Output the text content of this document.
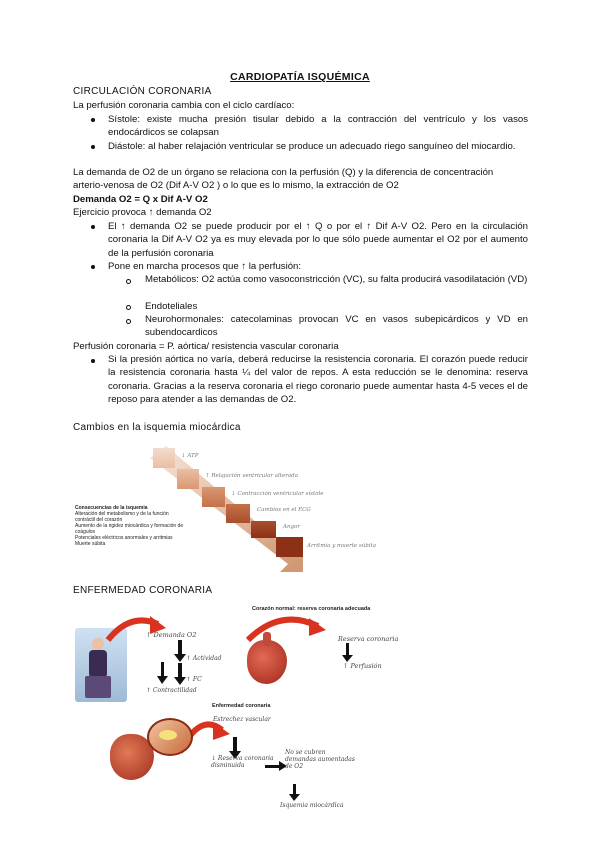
CARDIOPATÍA ISQUÉMICA
CIRCULACIÓN CORONARIA
La perfusión coronaria cambia con el ciclo cardíaco:
Sístole: existe mucha presión tisular debido a la contracción del ventrículo y los vasos endocárdicos se colapsan
Diástole: al haber relajación ventricular se produce un adecuado riego sanguíneo del miocardio.
La demanda de O2 de un órgano se relaciona con la perfusión (Q) y la diferencia de concentración
arterio-venosa de O2 (Dif A-V O2 ) o lo que es lo mismo, la extracción de O2
Demanda O2 = Q x Dif A-V O2
Ejercicio provoca ↑ demanda O2
El ↑ demanda O2 se puede producir por el ↑ Q o por el ↑ Dif A-V O2. Pero en la circulación coronaria la Dif A-V O2 ya es muy elevada por lo que sólo puede aumentar el O2 por el aumento de la perfusión coronaria
Pone en marcha procesos que ↑ la perfusión:
Metabólicos: O2 actúa como vasoconstricción (VC), su falta producirá vasodilatación (VD)
Endoteliales
Neurohormonales: catecolaminas provocan VC en vasos subepicárdicos y VD en subendocardicos
Perfusión coronaria = P. aórtica/ resistencia vascular coronaria
Si la presión aórtica no varía, deberá reducirse la resistencia coronaria. El corazón puede reducir la resistencia coronaria hasta ¼ del valor de repos. A esta reducción se le denomina: reserva coronaria. Gracias a la reserva coronaria el riego coronario puede aumentar hasta 4-5 veces el de reposo para atender a las demandas de O2.
Cambios en la isquemia miocárdica
↓ ATP
↑ Relajación ventricular alterada
↓ Contracción ventricular sístole
Cambios en el ECG
Angor
Arritmia y muerte súbita
Consecuencias de la isquemia
Alteración del metabolismo y de la función contráctil del corazón
Aumento de la rigidez miocárdica y formación de coágulos
Potenciales eléctricos anormales y arritmias
Muerte súbita
ENFERMEDAD CORONARIA
Corazón normal: reserva coronaria adecuada
↑ Demanda O2
↑ Actividad
↑ FC
↑ Contractilidad
Reserva coronaria
↑ Perfusión
Enfermedad coronaria
Estrechez vascular
↓ Reserva coronaria disminuida
No se cubren demandas aumentadas de O2
Isquemia miocárdica
